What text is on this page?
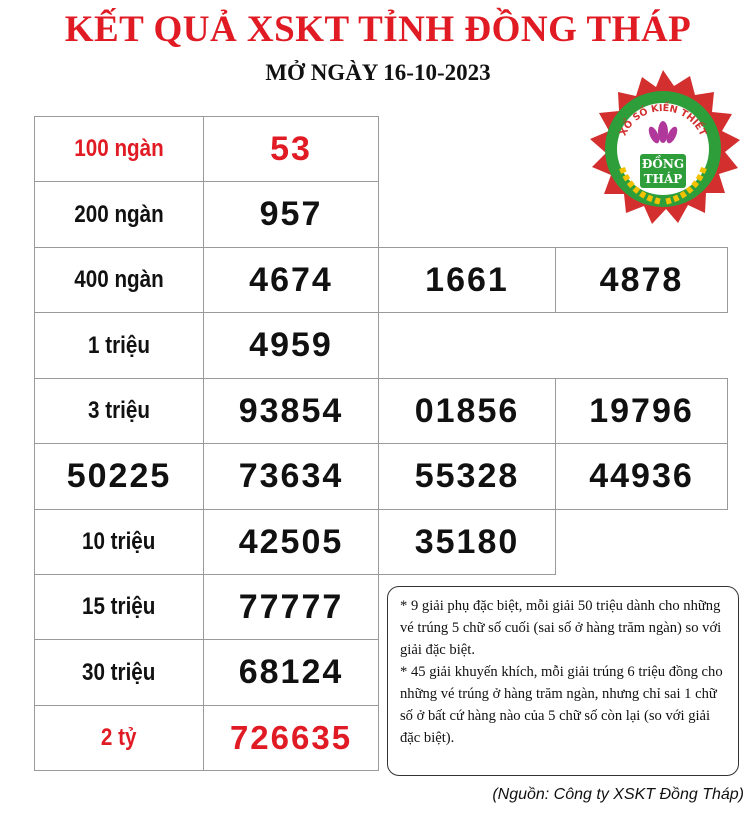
KẾT QUẢ XSKT TỈNH ĐỒNG THÁP
MỞ NGÀY 16-10-2023
XỔ SỐ KIẾN THIẾT
ĐỒNG
THÁP
100 ngàn	53
200 ngàn	957
400 ngàn	4674	1661	4878
1 triệu	4959
3 triệu	93854 01856 19796
50225 73634 55328 44936
10 triệu 42505 35180
15 triệu 77777
30 triệu 68124
2 tỷ	726635

* 9 giải phụ đặc biệt, mỗi giải 50 triệu dành cho những vé trúng 5 chữ số cuối (sai số ở hàng trăm ngàn) so với giải đặc biệt.

* 45 giải khuyến khích, mỗi giải trúng 6 triệu đồng cho những vé trúng ở hàng trăm ngàn, nhưng chỉ sai 1 chữ số ở bất cứ hàng nào của 5 chữ số còn lại (so với giải đặc biệt).

(Nguồn: Công ty XSKT Đồng Tháp)
